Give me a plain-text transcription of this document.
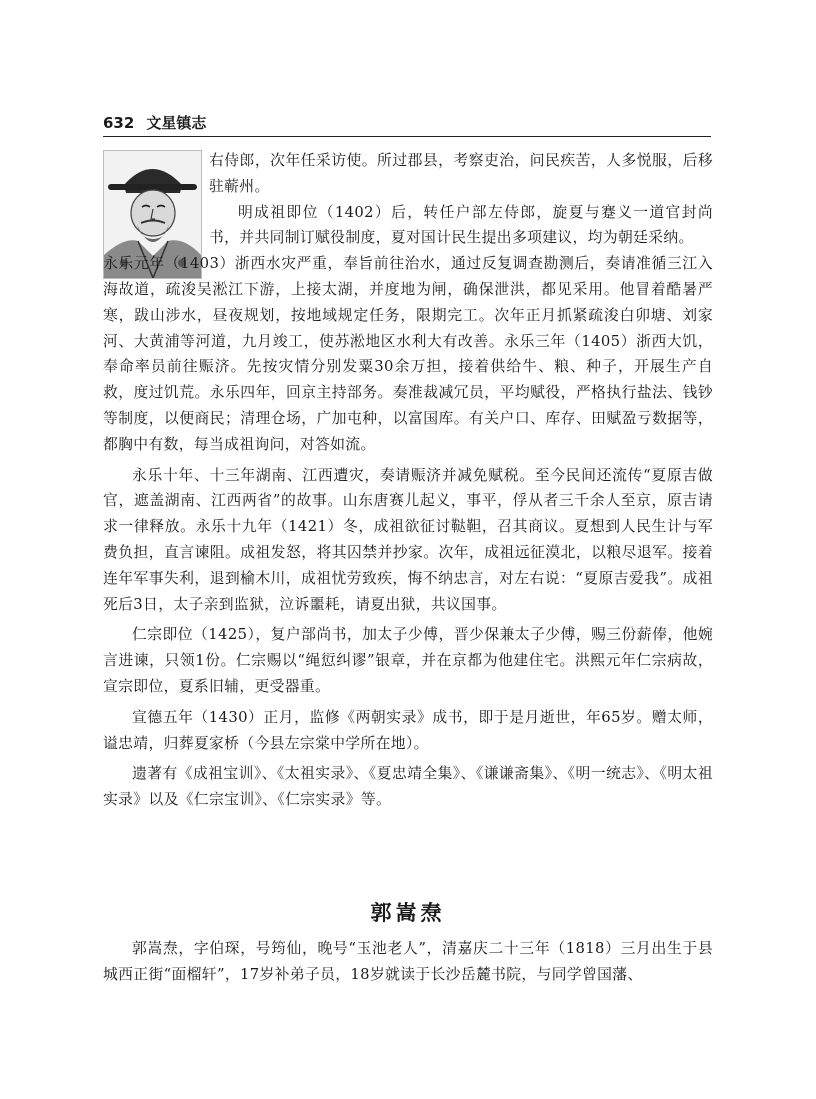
632 文星镇志

右侍郎，次年任采访使。所过郡县，考察吏治，问民疾苦，人多悦服，后移驻蕲州。

明成祖即位（1402）后，转任户部左侍郎，旋夏与蹇义一道官封尚书，并共同制订赋役制度，夏对国计民生提出多项建议，均为朝廷采纳。

永乐元年（1403）浙西水灾严重，奉旨前往治水，通过反复调查勘测后，奏请准循三江入海故道，疏浚吴淞江下游，上接太湖，并度地为闸，确保泄洪，都见采用。他冒着酷暑严寒，跋山涉水，昼夜规划，按地域规定任务，限期完工。次年正月抓紧疏浚白卯塘、刘家河、大黄浦等河道，九月竣工，使苏淞地区水利大有改善。永乐三年（1405）浙西大饥，奉命率员前往赈济。先按灾情分别发粟30余万担，接着供给牛、粮、种子，开展生产自救，度过饥荒。永乐四年，回京主持部务。奏准裁减冗员，平均赋役，严格执行盐法、钱钞等制度，以便商民；清理仓场，广加屯种，以富国库。有关户口、库存、田赋盈亏数据等，都胸中有数，每当成祖询问，对答如流。

永乐十年、十三年湖南、江西遭灾，奏请赈济并减免赋税。至今民间还流传“夏原吉做官，遮盖湖南、江西两省”的故事。山东唐赛儿起义，事平，俘从者三千余人至京，原吉请求一律释放。永乐十九年（1421）冬，成祖欲征讨鞑靼，召其商议。夏想到人民生计与军费负担，直言谏阻。成祖发怒，将其囚禁并抄家。次年，成祖远征漠北，以粮尽退军。接着连年军事失利，退到榆木川，成祖忧劳致疾，悔不纳忠言，对左右说：“夏原吉爱我”。成祖死后3日，太子亲到监狱，泣诉噩耗，请夏出狱，共议国事。

仁宗即位（1425），复户部尚书，加太子少傅，晋少保兼太子少傅，赐三份薪俸，他婉言进谏，只领1份。仁宗赐以“绳愆纠谬”银章，并在京都为他建住宅。洪熙元年仁宗病故，宣宗即位，夏系旧辅，更受器重。

宣德五年（1430）正月，监修《两朝实录》成书，即于是月逝世，年65岁。赠太师，谥忠靖，归葬夏家桥（今县左宗棠中学所在地）。

遗著有《成祖宝训》、《太祖实录》、《夏忠靖全集》、《谦谦斋集》、《明一统志》、《明太祖实录》以及《仁宗宝训》、《仁宗实录》等。

郭嵩焘

郭嵩焘，字伯琛，号筠仙，晚号“玉池老人”，清嘉庆二十三年（1818）三月出生于县城西正街“面榴轩”，17岁补弟子员，18岁就读于长沙岳麓书院，与同学曾国藩、
